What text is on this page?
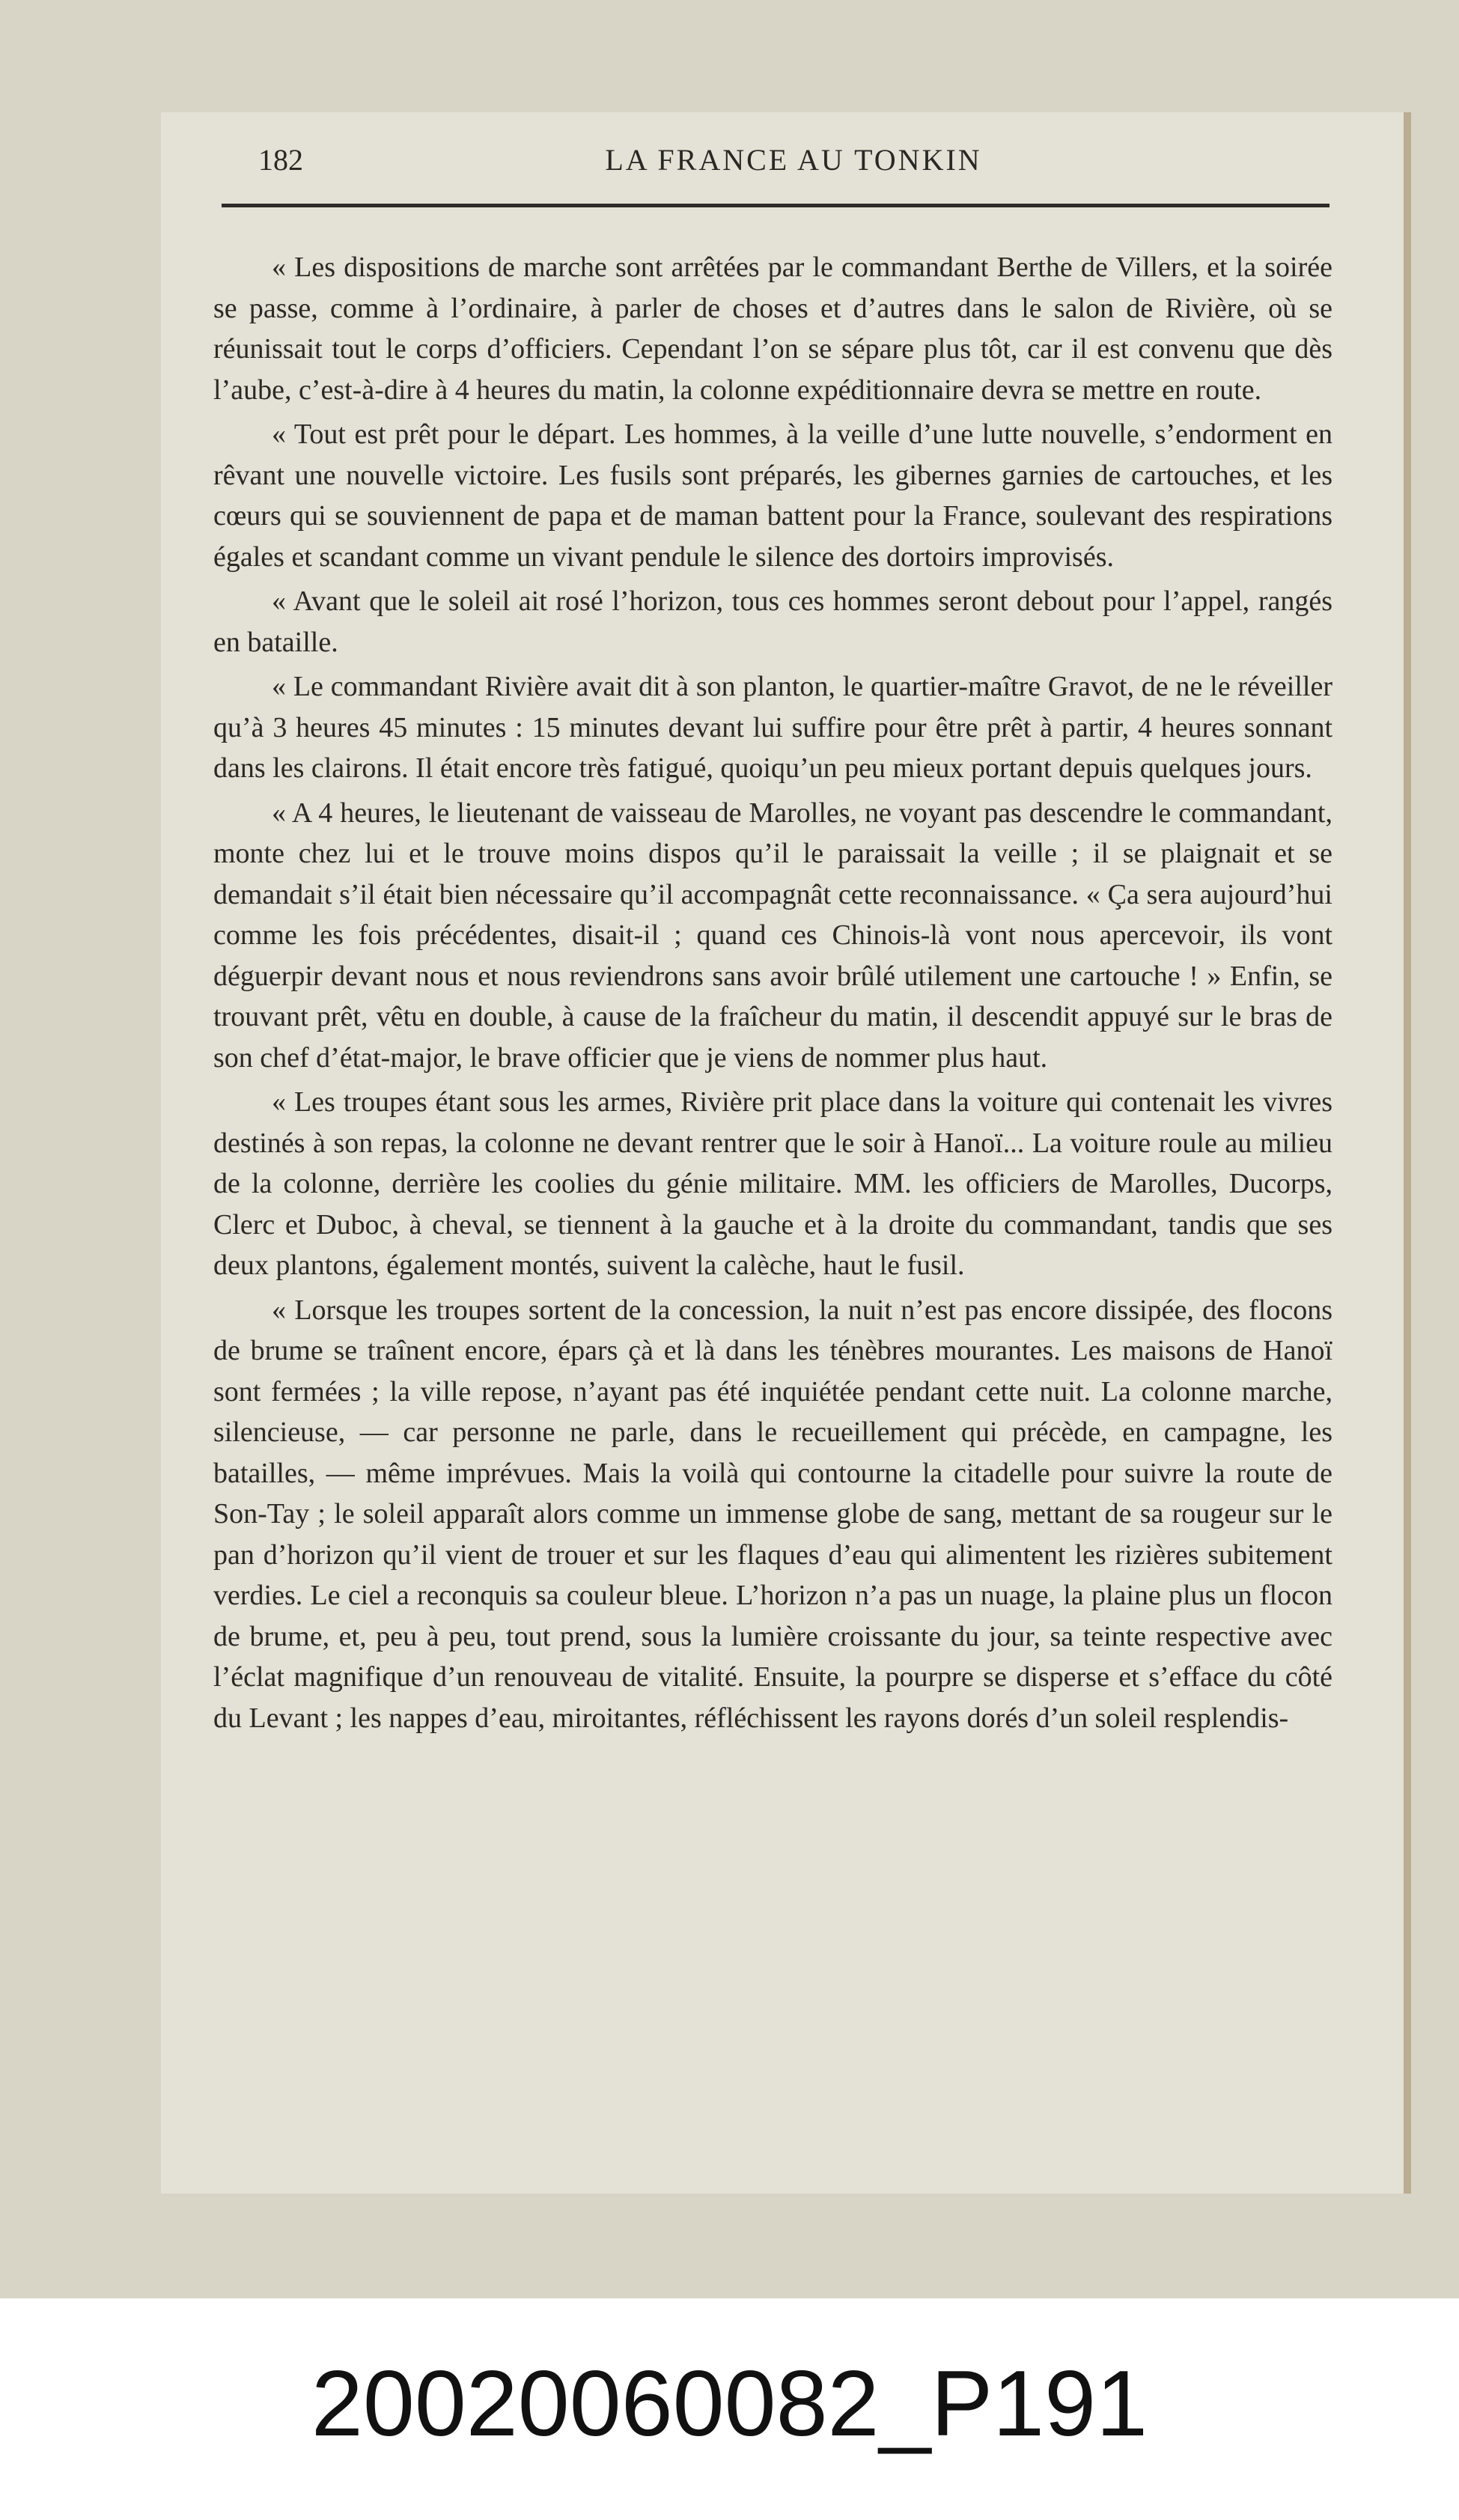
182	LA FRANCE AU TONKIN

« Les dispositions de marche sont arrêtées par le commandant Berthe de Villers, et la soirée se passe, comme à l’ordinaire, à parler de choses et d’autres dans le salon de Rivière, où se réunissait tout le corps d’officiers. Cependant l’on se sépare plus tôt, car il est convenu que dès l’aube, c’est-à-dire à 4 heures du matin, la colonne expéditionnaire devra se mettre en route.

« Tout est prêt pour le départ. Les hommes, à la veille d’une lutte nouvelle, s’endorment en rêvant une nouvelle victoire. Les fusils sont préparés, les gibernes garnies de cartouches, et les cœurs qui se souviennent de papa et de maman battent pour la France, soulevant des respirations égales et scandant comme un vivant pendule le silence des dortoirs improvisés.

« Avant que le soleil ait rosé l’horizon, tous ces hommes seront debout pour l’appel, rangés en bataille.

« Le commandant Rivière avait dit à son planton, le quartier-maître Gravot, de ne le réveiller qu’à 3 heures 45 minutes : 15 minutes devant lui suffire pour être prêt à partir, 4 heures sonnant dans les clairons. Il était encore très fatigué, quoiqu’un peu mieux portant depuis quelques jours.

« A 4 heures, le lieutenant de vaisseau de Marolles, ne voyant pas descendre le commandant, monte chez lui et le trouve moins dispos qu’il le paraissait la veille ; il se plaignait et se demandait s’il était bien nécessaire qu’il accompagnât cette reconnaissance. « Ça sera aujourd’hui comme les fois précédentes, disait-il ; quand ces Chinois-là vont nous apercevoir, ils vont déguerpir devant nous et nous reviendrons sans avoir brûlé utilement une cartouche ! » Enfin, se trouvant prêt, vêtu en double, à cause de la fraîcheur du matin, il descendit appuyé sur le bras de son chef d’état-major, le brave officier que je viens de nommer plus haut.

« Les troupes étant sous les armes, Rivière prit place dans la voiture qui contenait les vivres destinés à son repas, la colonne ne devant rentrer que le soir à Hanoï... La voiture roule au milieu de la colonne, derrière les coolies du génie militaire. MM. les officiers de Marolles, Ducorps, Clerc et Duboc, à cheval, se tiennent à la gauche et à la droite du commandant, tandis que ses deux plantons, également montés, suivent la calèche, haut le fusil.

« Lorsque les troupes sortent de la concession, la nuit n’est pas encore dissipée, des flocons de brume se traînent encore, épars çà et là dans les ténèbres mourantes. Les maisons de Hanoï sont fermées ; la ville repose, n’ayant pas été inquiétée pendant cette nuit. La colonne marche, silencieuse, — car personne ne parle, dans le recueillement qui précède, en campagne, les batailles, — même imprévues. Mais la voilà qui contourne la citadelle pour suivre la route de Son-Tay ; le soleil apparaît alors comme un immense globe de sang, mettant de sa rougeur sur le pan d’horizon qu’il vient de trouer et sur les flaques d’eau qui alimentent les rizières subitement verdies. Le ciel a reconquis sa couleur bleue. L’horizon n’a pas un nuage, la plaine plus un flocon de brume, et, peu à peu, tout prend, sous la lumière croissante du jour, sa teinte respective avec l’éclat magnifique d’un renouveau de vitalité. Ensuite, la pourpre se disperse et s’efface du côté du Levant ; les nappes d’eau, miroitantes, réfléchissent les rayons dorés d’un soleil resplendis-

20020060082_P191
